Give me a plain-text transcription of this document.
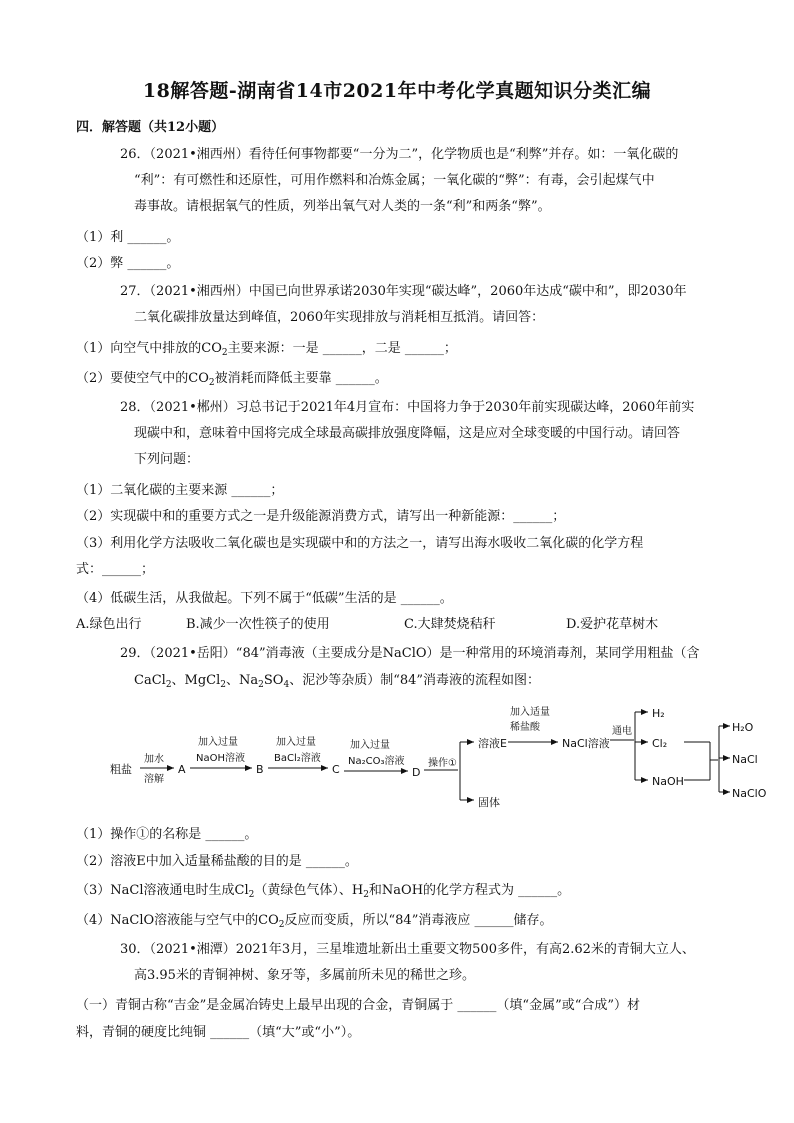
18解答题-湖南省14市2021年中考化学真题知识分类汇编
四．解答题（共12小题）
26．（2021•湘西州）看待任何事物都要“一分为二”，化学物质也是“利弊”并存。如：一氧化碳的
“利”：有可燃性和还原性，可用作燃料和冶炼金属；一氧化碳的“弊”：有毒，会引起煤气中
毒事故。请根据氧气的性质，列举出氧气对人类的一条“利”和两条“弊”。
（1）利 ______。
（2）弊 ______。
27．（2021•湘西州）中国已向世界承诺2030年实现“碳达峰”，2060年达成“碳中和”，即2030年
二氧化碳排放量达到峰值，2060年实现排放与消耗相互抵消。请回答：
（1）向空气中排放的$CO_2$主要来源：一是 ______，二是 ______；
（2）要使空气中的$CO_2$被消耗而降低主要靠 ______。
28．（2021•郴州）习总书记于2021年4月宣布：中国将力争于2030年前实现碳达峰，2060年前实
现碳中和，意味着中国将完成全球最高碳排放强度降幅，这是应对全球变暖的中国行动。请回答
下列问题：
（1）二氧化碳的主要来源 ______；
（2）实现碳中和的重要方式之一是升级能源消费方式，请写出一种新能源：______；
（3）利用化学方法吸收二氧化碳也是实现碳中和的方法之一，请写出海水吸收二氧化碳的化学方程
式：______；
（4）低碳生活，从我做起。下列不属于“低碳”生活的是 ______。
A.绿色出行	B.减少一次性筷子的使用	C.大肆焚烧秸秆	D.爱护花草树木
29．（2021•岳阳）“84”消毒液（主要成分是NaClO）是一种常用的环境消毒剂，某同学用粗盐（含
CaCl$_2$、MgCl$_2$、$Na_2SO_4$、泥沙等杂质）制“84”消毒液的流程如图：
粗盐
加水
溶解
A
加入过量
NaOH溶液
B
加入过量
BaCl₂溶液
C
加入过量
Na₂CO₃溶液
D
操作①
溶液E
固体
加入适量
稀盐酸
NaCl溶液
通电
H₂
Cl₂
NaOH
H₂O
NaCl
NaClO
（1）操作①的名称是 ______。
（2）溶液E中加入适量稀盐酸的目的是 ______。
（3）NaCl溶液通电时生成$Cl_2$（黄绿色气体）、$H_2$和NaOH的化学方程式为 ______。
（4）NaClO溶液能与空气中的$CO_2$反应而变质，所以“84”消毒液应 ______储存。
30．（2021•湘潭）2021年3月，三星堆遗址新出土重要文物500多件，有高2.62米的青铜大立人、
高3.95米的青铜神树、象牙等，多属前所未见的稀世之珍。
（一）青铜古称“吉金”是金属冶铸史上最早出现的合金，青铜属于 ______（填“金属”或“合成”）材
料，青铜的硬度比纯铜 ______（填“大”或“小”）。
